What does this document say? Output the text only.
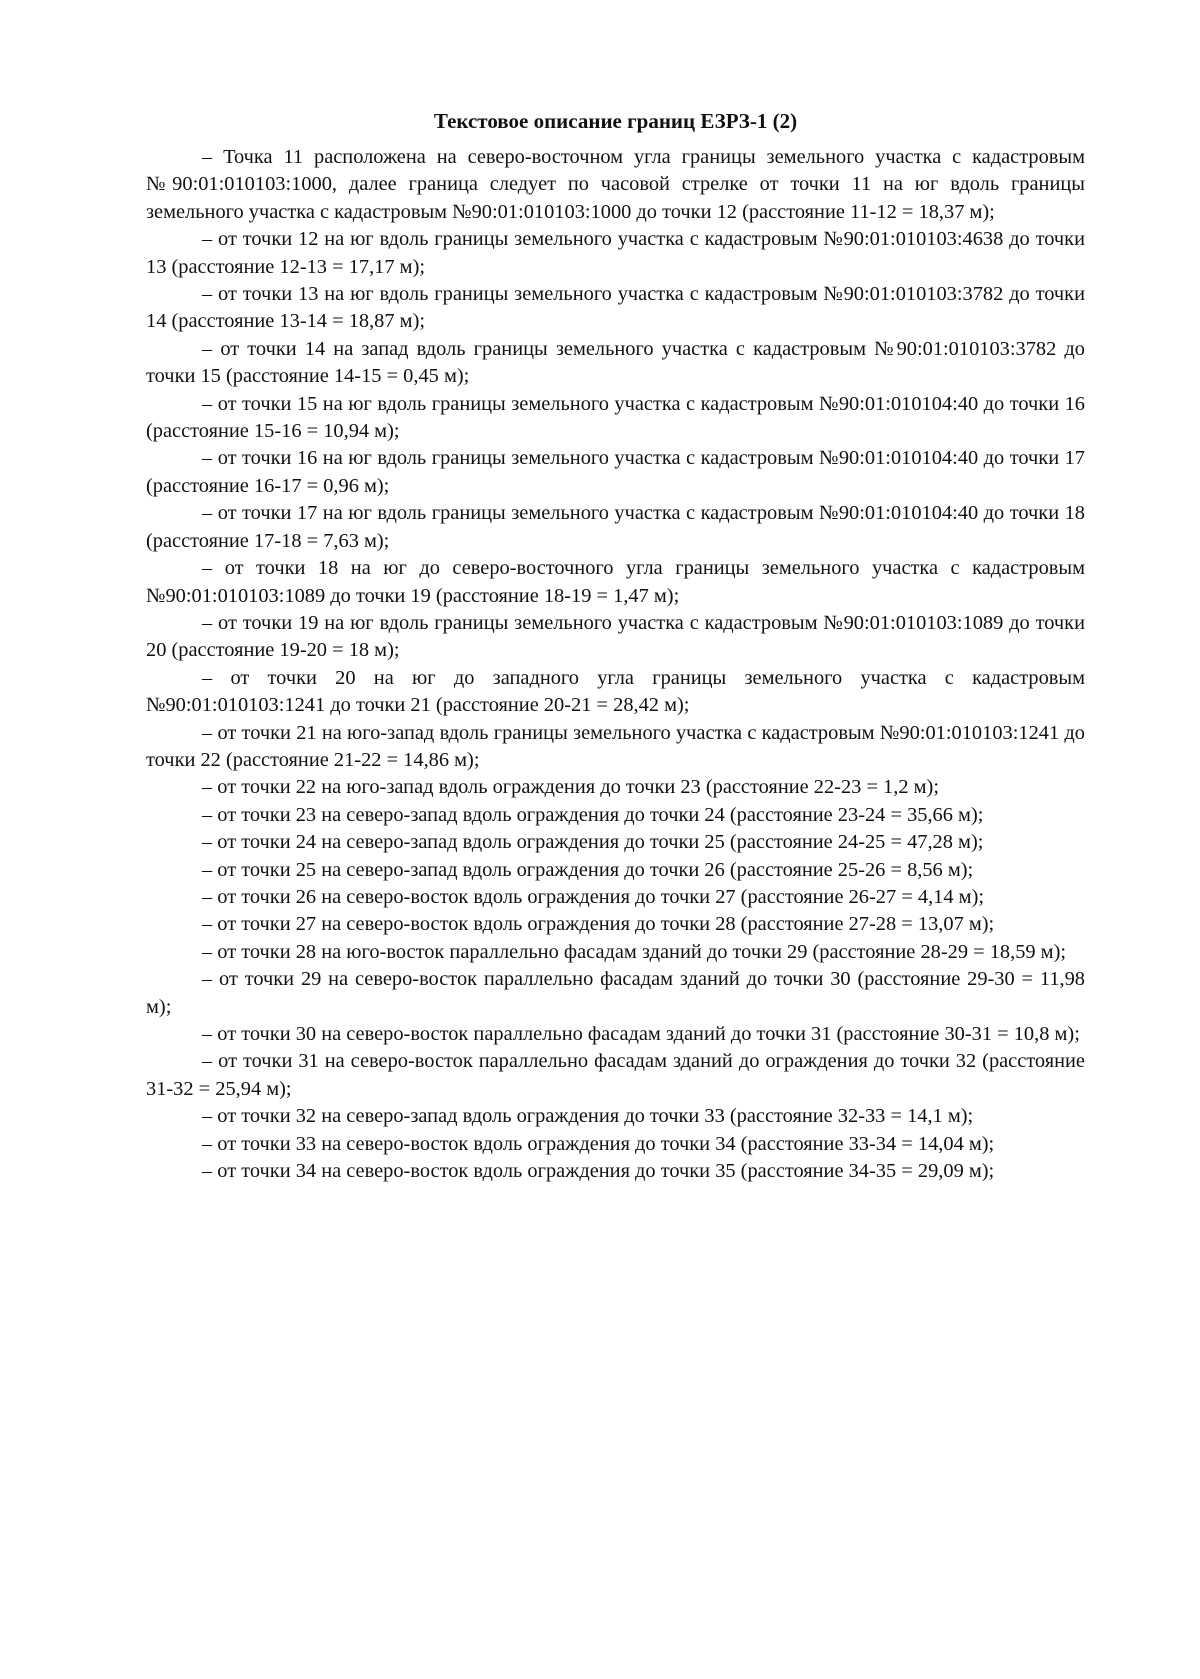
Текстовое описание границ ЕЗРЗ-1 (2)

– Точка 11 расположена на северо-восточном угла границы земельного участка с кадастровым №90:01:010103:1000, далее граница следует по часовой стрелке от точки 11 на юг вдоль границы земельного участка с кадастровым №90:01:010103:1000 до точки 12 (расстояние 11-12 = 18,37 м);

– от точки 12 на юг вдоль границы земельного участка с кадастровым №90:01:010103:4638 до точки 13 (расстояние 12-13 = 17,17 м);

– от точки 13 на юг вдоль границы земельного участка с кадастровым №90:01:010103:3782 до точки 14 (расстояние 13-14 = 18,87 м);

– от точки 14 на запад вдоль границы земельного участка с кадастровым №90:01:010103:3782 до точки 15 (расстояние 14-15 = 0,45 м);

– от точки 15 на юг вдоль границы земельного участка с кадастровым №90:01:010104:40 до точки 16 (расстояние 15-16 = 10,94 м);

– от точки 16 на юг вдоль границы земельного участка с кадастровым №90:01:010104:40 до точки 17 (расстояние 16-17 = 0,96 м);

– от точки 17 на юг вдоль границы земельного участка с кадастровым №90:01:010104:40 до точки 18 (расстояние 17-18 = 7,63 м);

– от точки 18 на юг до северо-восточного угла границы земельного участка с кадастровым №90:01:010103:1089 до точки 19 (расстояние 18-19 = 1,47 м);

– от точки 19 на юг вдоль границы земельного участка с кадастровым №90:01:010103:1089 до точки 20 (расстояние 19-20 = 18 м);

– от точки 20 на юг до западного угла границы земельного участка с кадастровым №90:01:010103:1241 до точки 21 (расстояние 20-21 = 28,42 м);

– от точки 21 на юго-запад вдоль границы земельного участка с кадастровым №90:01:010103:1241 до точки 22 (расстояние 21-22 = 14,86 м);

– от точки 22 на юго-запад вдоль ограждения до точки 23 (расстояние 22-23 = 1,2 м);

– от точки 23 на северо-запад вдоль ограждения до точки 24 (расстояние 23-24 = 35,66 м);

– от точки 24 на северо-запад вдоль ограждения до точки 25 (расстояние 24-25 = 47,28 м);

– от точки 25 на северо-запад вдоль ограждения до точки 26 (расстояние 25-26 = 8,56 м);

– от точки 26 на северо-восток вдоль ограждения до точки 27 (расстояние 26-27 = 4,14 м);

– от точки 27 на северо-восток вдоль ограждения до точки 28 (расстояние 27-28 = 13,07 м);

– от точки 28 на юго-восток параллельно фасадам зданий до точки 29 (расстояние 28-29 = 18,59 м);

– от точки 29 на северо-восток параллельно фасадам зданий до точки 30 (расстояние 29-30 = 11,98 м);

– от точки 30 на северо-восток параллельно фасадам зданий до точки 31 (расстояние 30-31 = 10,8 м);

– от точки 31 на северо-восток параллельно фасадам зданий до ограждения до точки 32 (расстояние 31-32 = 25,94 м);

– от точки 32 на северо-запад вдоль ограждения до точки 33 (расстояние 32-33 = 14,1 м);

– от точки 33 на северо-восток вдоль ограждения до точки 34 (расстояние 33-34 = 14,04 м);

– от точки 34 на северо-восток вдоль ограждения до точки 35 (расстояние 34-35 = 29,09 м);
